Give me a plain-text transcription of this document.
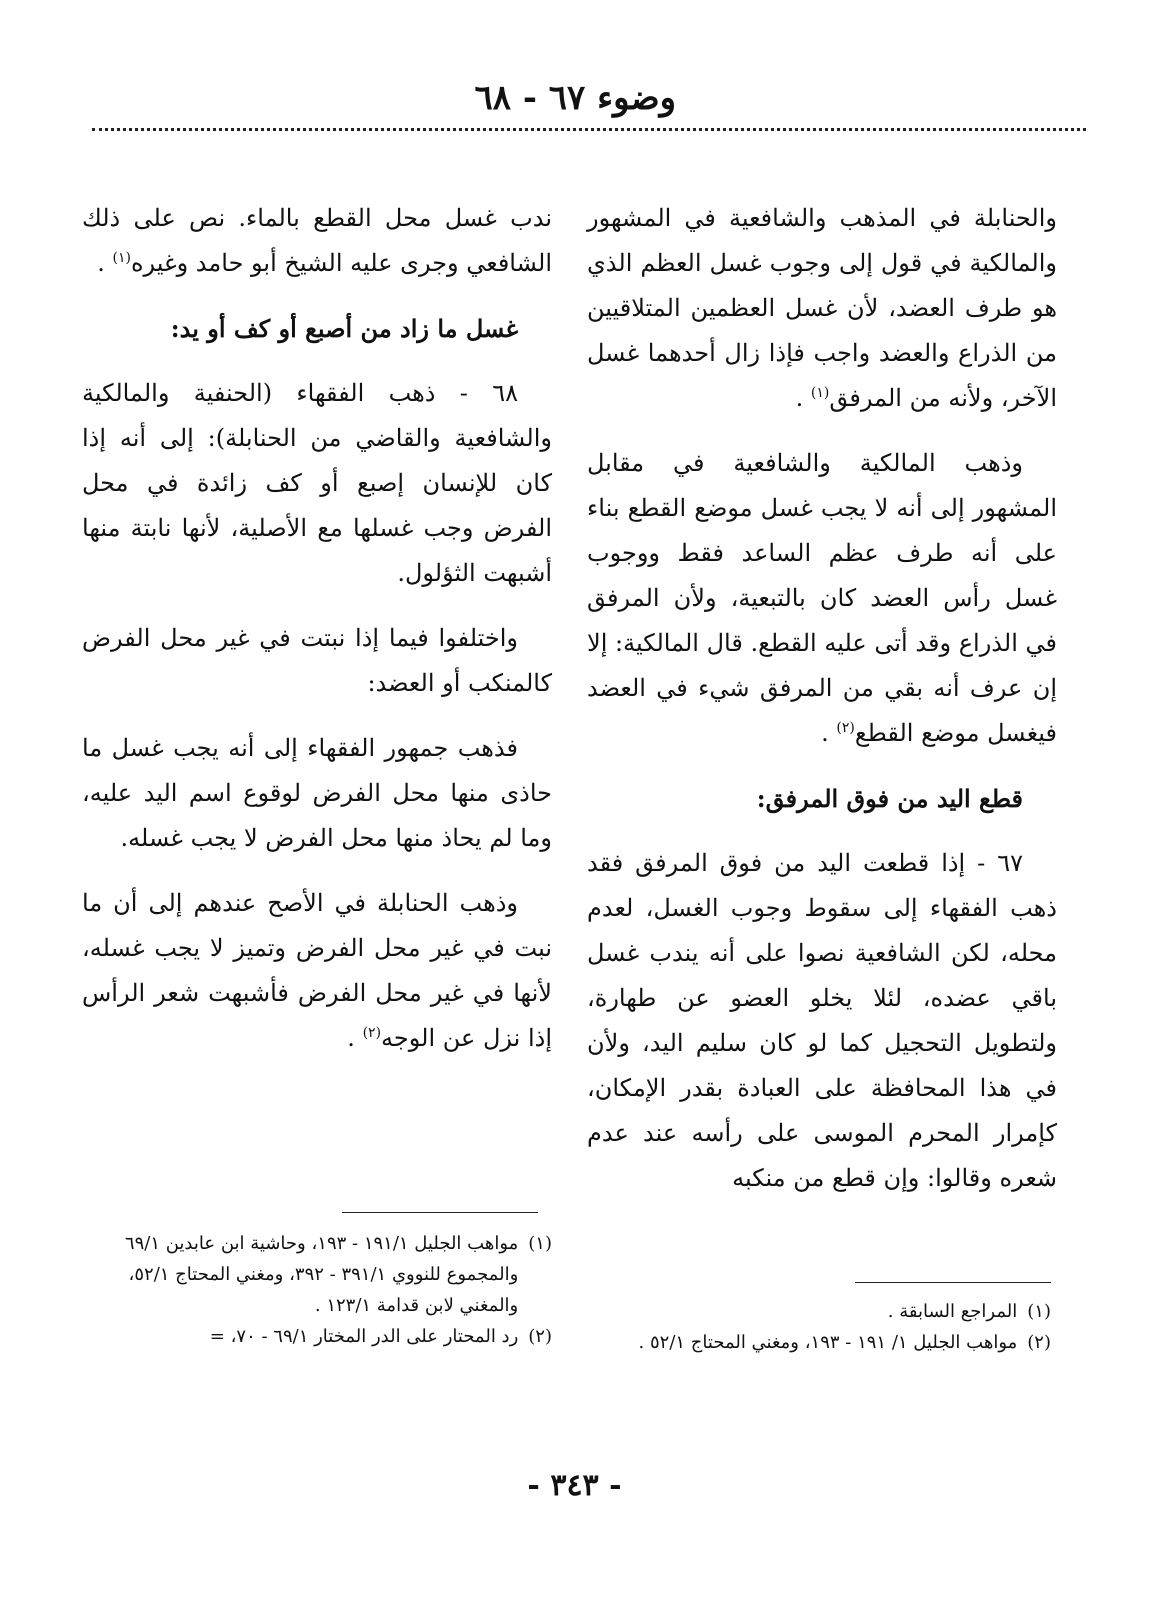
وضوء ٦٧ - ٦٨

والحنابلة في المذهب والشافعية في المشهور والمالكية في قول إلى وجوب غسل العظم الذي هو طرف العضد، لأن غسل العظمين المتلاقيين من الذراع والعضد واجب فإذا زال أحدهما غسل الآخر، ولأنه من المرفق$^{(١)}$ .

وذهب المالكية والشافعية في مقابل المشهور إلى أنه لا يجب غسل موضع القطع بناء على أنه طرف عظم الساعد فقط ووجوب غسل رأس العضد كان بالتبعية، ولأن المرفق في الذراع وقد أتى عليه القطع. قال المالكية: إلا إن عرف أنه بقي من المرفق شيء في العضد فيغسل موضع القطع$^{(٢)}$ .

قطع اليد من فوق المرفق:

٦٧ - إذا قطعت اليد من فوق المرفق فقد ذهب الفقهاء إلى سقوط وجوب الغسل، لعدم محله، لكن الشافعية نصوا على أنه يندب غسل باقي عضده، لئلا يخلو العضو عن طهارة، ولتطويل التحجيل كما لو كان سليم اليد، ولأن في هذا المحافظة على العبادة بقدر الإمكان، كإمرار المحرم الموسى على رأسه عند عدم شعره وقالوا: وإن قطع من منكبه

ندب غسل محل القطع بالماء. نص على ذلك الشافعي وجرى عليه الشيخ أبو حامد وغيره$^{(١)}$ .

غسل ما زاد من أصبع أو كف أو يد:

٦٨ - ذهب الفقهاء (الحنفية والمالكية والشافعية والقاضي من الحنابلة): إلى أنه إذا كان للإنسان إصبع أو كف زائدة في محل الفرض وجب غسلها مع الأصلية، لأنها نابتة منها أشبهت الثؤلول.

واختلفوا فيما إذا نبتت في غير محل الفرض كالمنكب أو العضد:

فذهب جمهور الفقهاء إلى أنه يجب غسل ما حاذى منها محل الفرض لوقوع اسم اليد عليه، وما لم يحاذ منها محل الفرض لا يجب غسله.

وذهب الحنابلة في الأصح عندهم إلى أن ما نبت في غير محل الفرض وتميز لا يجب غسله، لأنها في غير محل الفرض فأشبهت شعر الرأس إذا نزل عن الوجه$^{(٢)}$ .

(١)
المراجع السابقة .
(٢)
مواهب الجليل ١/ ١٩١ - ١٩٣، ومغني المحتاج ٥٢/١ .
(١)
مواهب الجليل ١٩١/١ - ١٩٣، وحاشية ابن عابدين ٦٩/١ والمجموع للنووي ٣٩١/١ - ٣٩٢، ومغني المحتاج ٥٢/١، والمغني لابن قدامة ١٢٣/١ .
(٢)
رد المحتار على الدر المختار ٦٩/١ - ٧٠، =
- ٣٤٣ -
